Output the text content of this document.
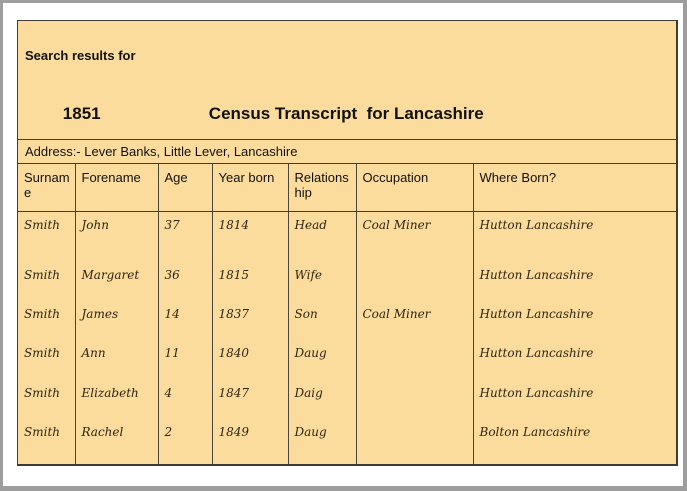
Search results for

1851	Census Transcript  for Lancashire

Address:- Lever Banks, Little Lever, Lancashire
Surname	Forename	Age	Year born	Relationship	Occupation	Where Born?
Smith	John	37	1814	Head	Coal Miner	Hutton Lancashire
Smith	Margaret	36	1815	Wife		Hutton Lancashire
Smith	James	14	1837	Son	Coal Miner	Hutton Lancashire
Smith	Ann	11	1840	Daug		Hutton Lancashire
Smith	Elizabeth	4	1847	Daig		Hutton Lancashire
Smith	Rachel	2	1849	Daug		Bolton Lancashire
